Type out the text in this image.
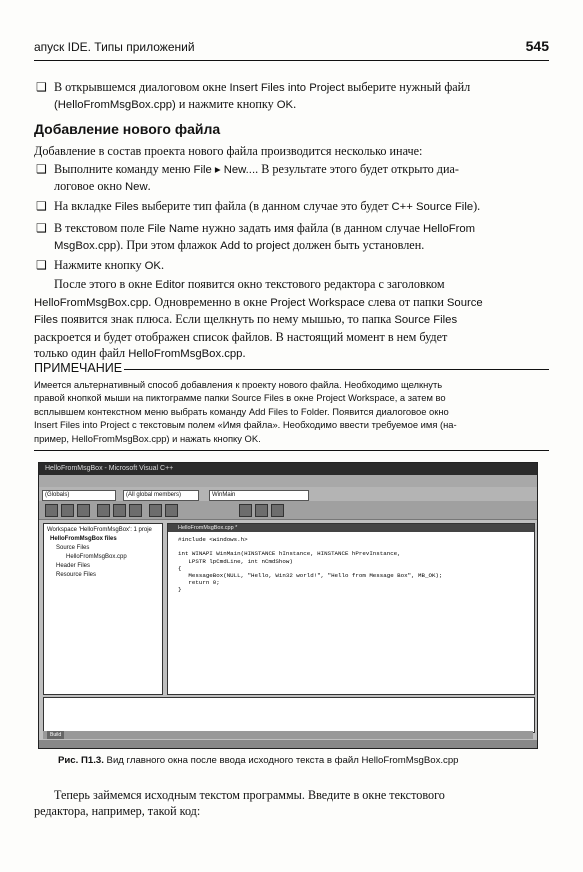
апуск IDE. Типы приложений	545
❑ В открывшемся диалоговом окне Insert Files into Project выберите нужный файл
(HelloFromMsgBox.cpp) и нажмите кнопку OK.
Добавление нового файла
Добавление в состав проекта нового файла производится несколько иначе:
❑ Выполните команду меню File ▸ New.... В результате этого будет открыто диа-
логовое окно New.
❑ На вкладке Files выберите тип файла (в данном случае это будет C++ Source File).
❑ В текстовом поле File Name нужно задать имя файла (в данном случае HelloFrom
MsgBox.cpp). При этом флажок Add to project должен быть установлен.
❑ Нажмите кнопку OK.
После этого в окне Editor появится окно текстового редактора с заголовком
HelloFromMsgBox.cpp. Одновременно в окне Project Workspace слева от папки Source
Files появится знак плюса. Если щелкнуть по нему мышью, то папка Source Files
раскроется и будет отображен список файлов. В настоящий момент в нем будет
только один файл HelloFromMsgBox.cpp.
ПРИМЕЧАНИЕ
Имеется альтернативный способ добавления к проекту нового файла. Необходимо щелкнуть
правой кнопкой мыши на пиктограмме папки Source Files в окне Project Workspace, а затем во
всплывшем контекстном меню выбрать команду Add Files to Folder. Появится диалоговое окно
Insert Files into Project с текстовым полем «Имя файла». Необходимо ввести требуемое имя (на-
пример, HelloFromMsgBox.cpp) и нажать кнопку OK.
HelloFromMsgBox - Microsoft Visual C++
(Globals)	(All global members)	WinMain
Workspace 'HelloFromMsgBox': 1 proje
HelloFromMsgBox files
Source Files
HelloFromMsgBox.cpp
Header Files
Resource Files
HelloFromMsgBox.cpp *
#include <windows.h>

int WINAPI WinMain(HINSTANCE hInstance, HINSTANCE hPrevInstance,
LPSTR lpCmdLine, int nCmdShow)
{
MessageBox(NULL, "Hello, Win32 world!", "Hello from Message Box", MB_OK);
return 0;
}
Build
Рис. П1.3. Вид главного окна после ввода исходного текста в файл HelloFromMsgBox.cpp
Теперь займемся исходным текстом программы. Введите в окне текстового
редактора, например, такой код:
